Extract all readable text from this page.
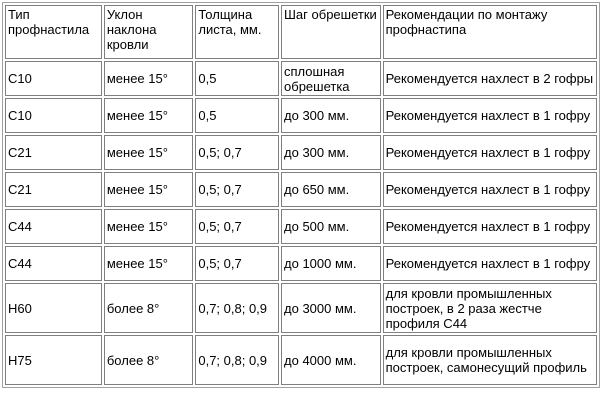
Тип профнастила	Уклон наклона кровли	Толщина листа, мм.	Шаг обрешетки	Рекомендации по монтажу профнастипа
С10	менее 15°	0,5	сплошная обрешетка	Рекомендуется нахлест в 2 гофры
С10	менее 15°	0,5	до 300 мм.	Рекомендуется нахлест в 1 гофру
С21	менее 15°	0,5; 0,7	до 300 мм.	Рекомендуется нахлест в 1 гофру
С21	менее 15°	0,5; 0,7	до 650 мм.	Рекомендуется нахлест в 1 гофру
С44	менее 15°	0,5; 0,7	до 500 мм.	Рекомендуется нахлест в 1 гофру
С44	менее 15°	0,5; 0,7	до 1000 мм.	Рекомендуется нахлест в 1 гофру
Н60	более 8°	0,7; 0,8; 0,9	до 3000 мм.	для кровли промышленных построек, в 2 раза жестче профиля С44
Н75	более 8°	0,7; 0,8; 0,9	до 4000 мм.	для кровли промышленных построек, самонесущий профиль
